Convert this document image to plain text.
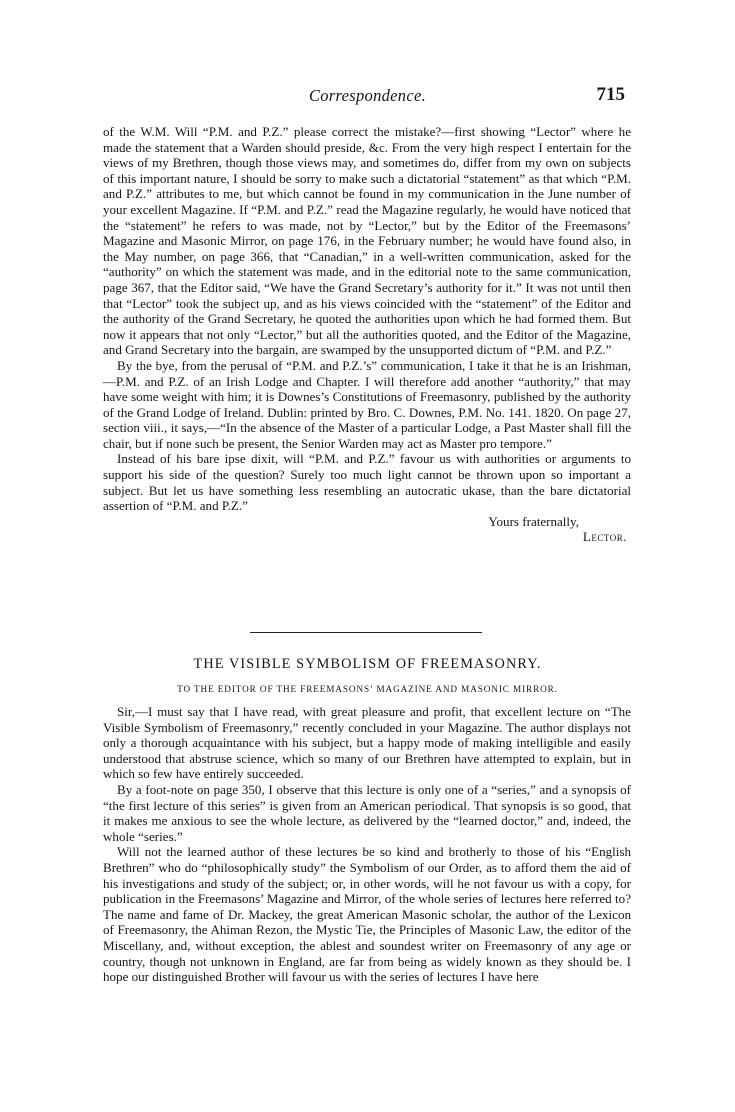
Correspondence.	715

of the W.M. Will “P.M. and P.Z.” please correct the mistake?—first showing “Lector” where he made the statement that a Warden should preside, &c. From the very high respect I entertain for the views of my Brethren, though those views may, and sometimes do, differ from my own on subjects of this important nature, I should be sorry to make such a dictatorial “statement” as that which “P.M. and P.Z.” attributes to me, but which cannot be found in my communication in the June number of your excellent Magazine. If “P.M. and P.Z.” read the Magazine regularly, he would have noticed that the “statement” he refers to was made, not by “Lector,” but by the Editor of the Freemasons’ Magazine and Masonic Mirror, on page 176, in the February number; he would have found also, in the May number, on page 366, that “Canadian,” in a well-written communication, asked for the “authority” on which the statement was made, and in the editorial note to the same communication, page 367, that the Editor said, “We have the Grand Secretary’s authority for it.” It was not until then that “Lector” took the subject up, and as his views coincided with the “statement” of the Editor and the authority of the Grand Secretary, he quoted the authorities upon which he had formed them. But now it appears that not only “Lector,” but all the authorities quoted, and the Editor of the Magazine, and Grand Secretary into the bargain, are swamped by the unsupported dictum of “P.M. and P.Z.”

By the bye, from the perusal of “P.M. and P.Z.’s” communication, I take it that he is an Irishman,—P.M. and P.Z. of an Irish Lodge and Chapter. I will therefore add another “authority,” that may have some weight with him; it is Downes’s Constitutions of Freemasonry, published by the authority of the Grand Lodge of Ireland. Dublin: printed by Bro. C. Downes, P.M. No. 141. 1820. On page 27, section viii., it says,—“In the absence of the Master of a particular Lodge, a Past Master shall fill the chair, but if none such be present, the Senior Warden may act as Master pro tempore.”

Instead of his bare ipse dixit, will “P.M. and P.Z.” favour us with authorities or arguments to support his side of the question? Surely too much light cannot be thrown upon so important a subject. But let us have something less resembling an autocratic ukase, than the bare dictatorial assertion of “P.M. and P.Z.”

Yours fraternally,
Lector.
THE VISIBLE SYMBOLISM OF FREEMASONRY.
TO THE EDITOR OF THE FREEMASONS’ MAGAZINE AND MASONIC MIRROR.

Sir,—I must say that I have read, with great pleasure and profit, that excellent lecture on “The Visible Symbolism of Freemasonry,” recently concluded in your Magazine. The author displays not only a thorough acquaintance with his subject, but a happy mode of making intelligible and easily understood that abstruse science, which so many of our Brethren have attempted to explain, but in which so few have entirely succeeded.

By a foot-note on page 350, I observe that this lecture is only one of a “series,” and a synopsis of “the first lecture of this series” is given from an American periodical. That synopsis is so good, that it makes me anxious to see the whole lecture, as delivered by the “learned doctor,” and, indeed, the whole “series.”

Will not the learned author of these lectures be so kind and brotherly to those of his “English Brethren” who do “philosophically study” the Symbolism of our Order, as to afford them the aid of his investigations and study of the subject; or, in other words, will he not favour us with a copy, for publication in the Freemasons’ Magazine and Mirror, of the whole series of lectures here referred to? The name and fame of Dr. Mackey, the great American Masonic scholar, the author of the Lexicon of Freemasonry, the Ahiman Rezon, the Mystic Tie, the Principles of Masonic Law, the editor of the Miscellany, and, without exception, the ablest and soundest writer on Freemasonry of any age or country, though not unknown in England, are far from being as widely known as they should be. I hope our distinguished Brother will favour us with the series of lectures I have here
